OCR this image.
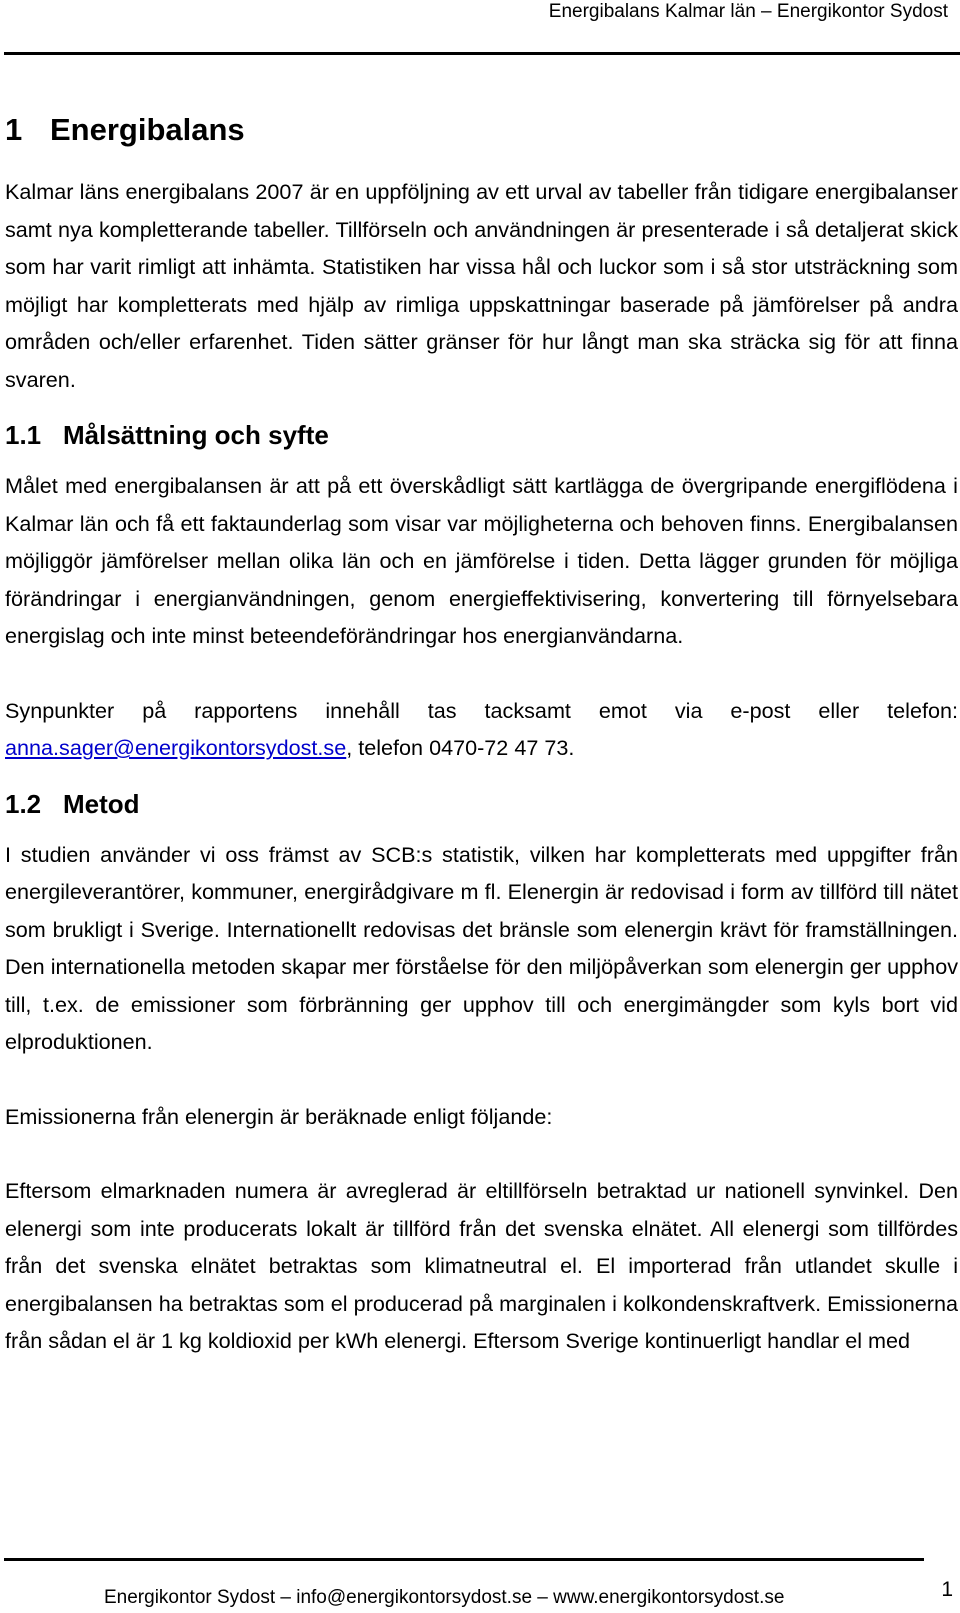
Energibalans Kalmar län – Energikontor Sydost
1 Energibalans

Kalmar läns energibalans 2007 är en uppföljning av ett urval av tabeller från tidigare energibalanser samt nya kompletterande tabeller. Tillförseln och användningen är presenterade i så detaljerat skick som har varit rimligt att inhämta. Statistiken har vissa hål och luckor som i så stor utsträckning som möjligt har kompletterats med hjälp av rimliga uppskattningar baserade på jämförelser på andra områden och/eller erfarenhet. Tiden sätter gränser för hur långt man ska sträcka sig för att finna svaren.

1.1 Målsättning och syfte

Målet med energibalansen är att på ett överskådligt sätt kartlägga de övergripande energiflödena i Kalmar län och få ett faktaunderlag som visar var möjligheterna och behoven finns. Energibalansen möjliggör jämförelser mellan olika län och en jämförelse i tiden. Detta lägger grunden för möjliga förändringar i energianvändningen, genom energieffektivisering, konvertering till förnyelsebara energislag och inte minst beteendeförändringar hos energianvändarna.

Synpunkter på rapportens innehåll tas tacksamt emot via e-post eller telefon: anna.sager@energikontorsydost.se, telefon 0470-72 47 73.

1.2 Metod

I studien använder vi oss främst av SCB:s statistik, vilken har kompletterats med uppgifter från energileverantörer, kommuner, energirådgivare m fl. Elenergin är redovisad i form av tillförd till nätet som brukligt i Sverige. Internationellt redovisas det bränsle som elenergin krävt för framställningen. Den internationella metoden skapar mer förståelse för den miljöpåverkan som elenergin ger upphov till, t.ex. de emissioner som förbränning ger upphov till och energimängder som kyls bort vid elproduktionen.

Emissionerna från elenergin är beräknade enligt följande:

Eftersom elmarknaden numera är avreglerad är eltillförseln betraktad ur nationell synvinkel. Den elenergi som inte producerats lokalt är tillförd från det svenska elnätet. All elenergi som tillfördes från det svenska elnätet betraktas som klimatneutral el. El importerad från utlandet skulle i energibalansen ha betraktas som el producerad på marginalen i kolkondenskraftverk. Emissionerna från sådan el är 1 kg koldioxid per kWh elenergi. Eftersom Sverige kontinuerligt handlar el med

1
Energikontor Sydost – info@energikontorsydost.se – www.energikontorsydost.se
